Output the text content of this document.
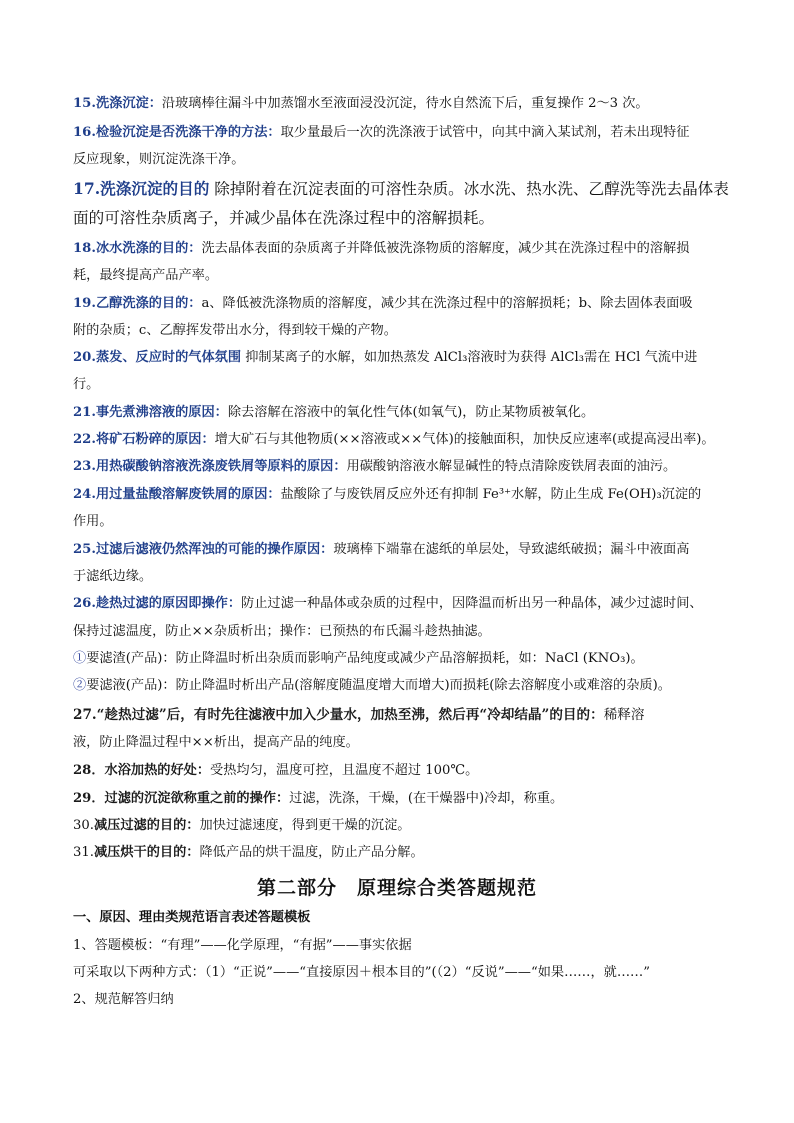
15.洗涤沉淀：沿玻璃棒往漏斗中加蒸馏水至液面浸没沉淀，待水自然流下后，重复操作 2～3 次。
16.检验沉淀是否洗涤干净的方法：取少量最后一次的洗涤液于试管中，向其中滴入某试剂，若未出现特征
反应现象，则沉淀洗涤干净。
17.洗涤沉淀的目的 除掉附着在沉淀表面的可溶性杂质。冰水洗、热水洗、乙醇洗等洗去晶体表
面的可溶性杂质离子，并减少晶体在洗涤过程中的溶解损耗。
18.冰水洗涤的目的：洗去晶体表面的杂质离子并降低被洗涤物质的溶解度，减少其在洗涤过程中的溶解损
耗，最终提高产品产率。
19.乙醇洗涤的目的：a、降低被洗涤物质的溶解度，减少其在洗涤过程中的溶解损耗；b、除去固体表面吸
附的杂质；c、乙醇挥发带出水分，得到较干燥的产物。
20.蒸发、反应时的气体氛围 抑制某离子的水解，如加热蒸发 AlCl₃溶液时为获得 AlCl₃需在 HCl 气流中进
行。
21.事先煮沸溶液的原因：除去溶解在溶液中的氧化性气体(如氧气)，防止某物质被氧化。
22.将矿石粉碎的原因：增大矿石与其他物质(××溶液或××气体)的接触面积，加快反应速率(或提高浸出率)。
23.用热碳酸钠溶液洗涤废铁屑等原料的原因：用碳酸钠溶液水解显碱性的特点清除废铁屑表面的油污。
24.用过量盐酸溶解废铁屑的原因：盐酸除了与废铁屑反应外还有抑制 Fe³⁺水解，防止生成 Fe(OH)₃沉淀的
作用。
25.过滤后滤液仍然浑浊的可能的操作原因：玻璃棒下端靠在滤纸的单层处，导致滤纸破损；漏斗中液面高
于滤纸边缘。
26.趁热过滤的原因即操作：防止过滤一种晶体或杂质的过程中，因降温而析出另一种晶体，减少过滤时间、
保持过滤温度，防止××杂质析出；操作：已预热的布氏漏斗趁热抽滤。
①要滤渣(产品)：防止降温时析出杂质而影响产品纯度或减少产品溶解损耗，如：NaCl (KNO₃)。
②要滤液(产品)：防止降温时析出产品(溶解度随温度增大而增大)而损耗(除去溶解度小或难溶的杂质)。
27.“趁热过滤”后，有时先往滤液中加入少量水，加热至沸，然后再“冷却结晶”的目的：稀释溶
液，防止降温过程中××析出，提高产品的纯度。
28．水浴加热的好处：受热均匀，温度可控，且温度不超过 100℃。
29．过滤的沉淀欲称重之前的操作：过滤，洗涤，干燥，(在干燥器中)冷却，称重。
30.减压过滤的目的：加快过滤速度，得到更干燥的沉淀。
31.减压烘干的目的：降低产品的烘干温度，防止产品分解。
第二部分　原理综合类答题规范
一、原因、理由类规范语言表述答题模板
1、答题模板：“有理”——化学原理，“有据”——事实依据
可采取以下两种方式：（1）“正说”——“直接原因＋根本目的”(（2）“反说”——“如果……，就……”
2、规范解答归纳
